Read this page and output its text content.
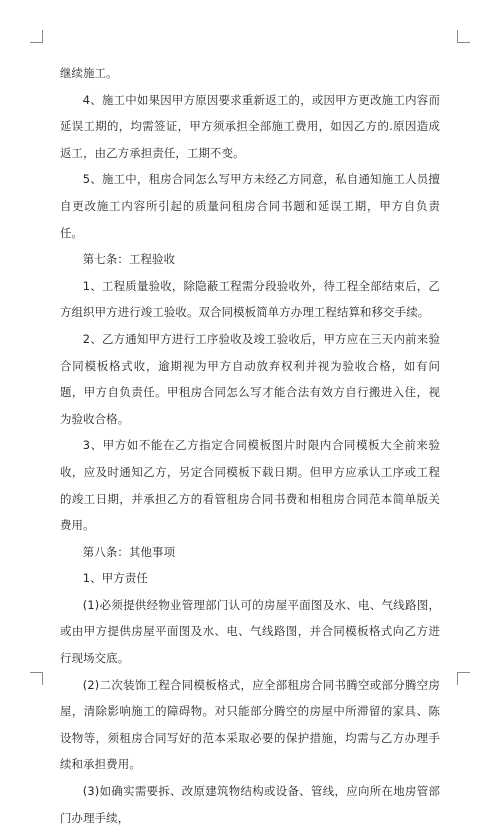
继续施工。

4、施工中如果因甲方原因要求重新返工的，或因甲方更改施工内容而延误工期的，均需签证，甲方须承担全部施工费用，如因乙方的.原因造成返工，由乙方承担责任，工期不变。

5、施工中，租房合同怎么写甲方未经乙方同意，私自通知施工人员擅自更改施工内容所引起的质量问租房合同书题和延误工期，甲方自负责任。

第七条：工程验收

1、工程质量验收，除隐蔽工程需分段验收外，待工程全部结束后，乙方组织甲方进行竣工验收。双合同模板简单方办理工程结算和移交手续。

2、乙方通知甲方进行工序验收及竣工验收后，甲方应在三天内前来验合同模板格式收，逾期视为甲方自动放弃权利并视为验收合格，如有问题，甲方自负责任。甲租房合同怎么写才能合法有效方自行搬进入住，视为验收合格。

3、甲方如不能在乙方指定合同模板图片时限内合同模板大全前来验收，应及时通知乙方，另定合同模板下载日期。但甲方应承认工序或工程的竣工日期，并承担乙方的看管租房合同书费和相租房合同范本简单版关费用。

第八条：其他事项

1、甲方责任

(1)必须提供经物业管理部门认可的房屋平面图及水、电、气线路图，或由甲方提供房屋平面图及水、电、气线路图，并合同模板格式向乙方进行现场交底。

(2)二次装饰工程合同模板格式，应全部租房合同书腾空或部分腾空房屋，清除影响施工的障碍物。对只能部分腾空的房屋中所滞留的家具、陈设物等，须租房合同写好的范本采取必要的保护措施，均需与乙方办理手续和承担费用。

(3)如确实需要拆、改原建筑物结构或设备、管线，应向所在地房管部门办理手续，
